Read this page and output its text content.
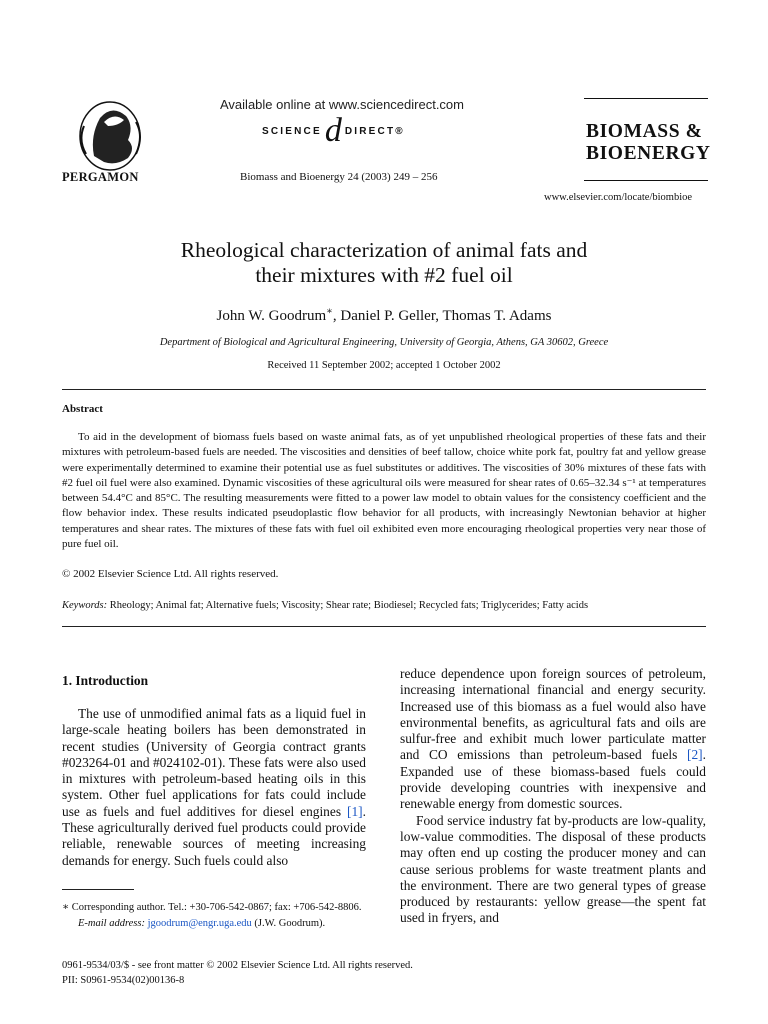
PERGAMON
Available online at www.sciencedirect.com
SCIENCE d DIRECT®
Biomass and Bioenergy 24 (2003) 249 – 256
BIOMASS &
BIOENERGY
www.elsevier.com/locate/biombioe
Rheological characterization of animal fats and
their mixtures with #2 fuel oil
John W. Goodrum∗, Daniel P. Geller, Thomas T. Adams
Department of Biological and Agricultural Engineering, University of Georgia, Athens, GA 30602, Greece
Received 11 September 2002; accepted 1 October 2002
Abstract
To aid in the development of biomass fuels based on waste animal fats, as of yet unpublished rheological properties of these fats and their mixtures with petroleum-based fuels are needed. The viscosities and densities of beef tallow, choice white pork fat, poultry fat and yellow grease were experimentally determined to examine their potential use as fuel substitutes or additives. The viscosities of 30% mixtures of these fats with #2 fuel oil fuel were also examined. Dynamic viscosities of these agricultural oils were measured for shear rates of 0.65–32.34 s⁻¹ at temperatures between 54.4°C and 85°C. The resulting measurements were fitted to a power law model to obtain values for the consistency coefficient and the flow behavior index. These results indicated pseudoplastic flow behavior for all products, with increasingly Newtonian behavior at higher temperatures and shear rates. The mixtures of these fats with fuel oil exhibited even more encouraging rheological properties very near those of pure fuel oil.
© 2002 Elsevier Science Ltd. All rights reserved.
Keywords: Rheology; Animal fat; Alternative fuels; Viscosity; Shear rate; Biodiesel; Recycled fats; Triglycerides; Fatty acids
1. Introduction
The use of unmodified animal fats as a liquid fuel in large-scale heating boilers has been demonstrated in recent studies (University of Georgia contract grants #023264-01 and #024102-01). These fats were also used in mixtures with petroleum-based heating oils in this system. Other fuel applications for fats could include use as fuels and fuel additives for diesel engines [1]. These agriculturally derived fuel products could provide reliable, renewable sources of meeting increasing demands for energy. Such fuels could also

reduce dependence upon foreign sources of petroleum, increasing international financial and energy security. Increased use of this biomass as a fuel would also have environmental benefits, as agricultural fats and oils are sulfur-free and exhibit much lower particulate matter and CO emissions than petroleum-based fuels [2]. Expanded use of these biomass-based fuels could provide developing countries with inexpensive and renewable energy from domestic sources.

Food service industry fat by-products are low-quality, low-value commodities. The disposal of these products may often end up costing the producer money and can cause serious problems for waste treatment plants and the environment. There are two general types of grease produced by restaurants: yellow grease—the spent fat used in fryers, and

∗ Corresponding author. Tel.: +30-706-542-0867; fax: +706-542-8806.
E-mail address: jgoodrum@engr.uga.edu (J.W. Goodrum).
0961-9534/03/$ - see front matter © 2002 Elsevier Science Ltd. All rights reserved.
PII: S0961-9534(02)00136-8
